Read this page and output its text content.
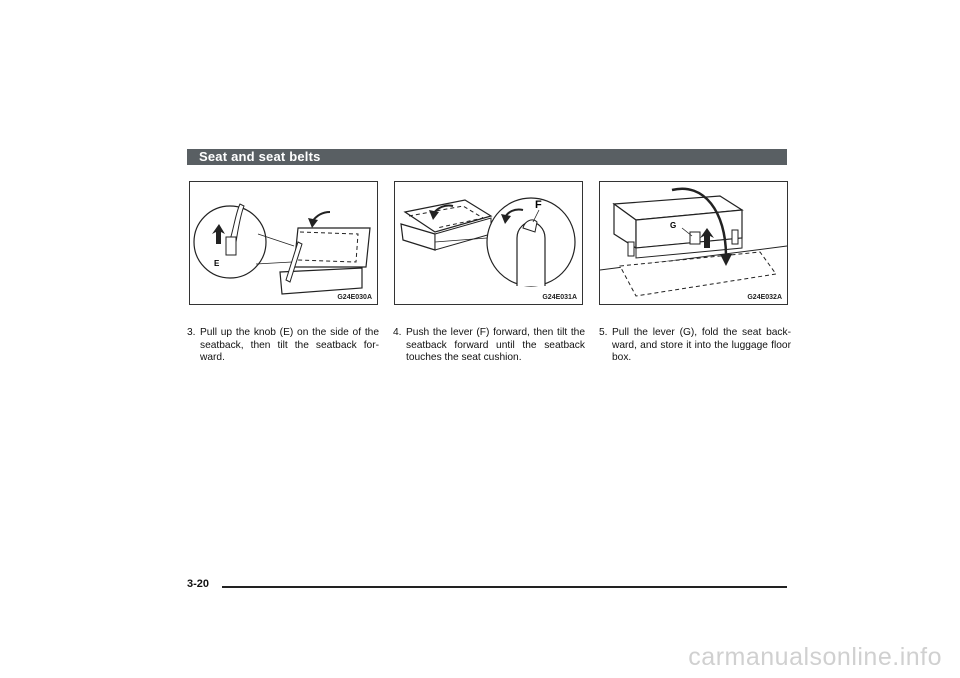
Seat and seat belts
E
G24E030A
F
G24E031A
G
G24E032A
3. Pull up the knob (E) on the side of the seatback, then tilt the seatback for-ward.
4. Push the lever (F) forward, then tilt the seatback forward until the seatback touches the seat cushion.
5. Pull the lever (G), fold the seat back-ward, and store it into the luggage floor box.
3-20
carmanualsonline.info
